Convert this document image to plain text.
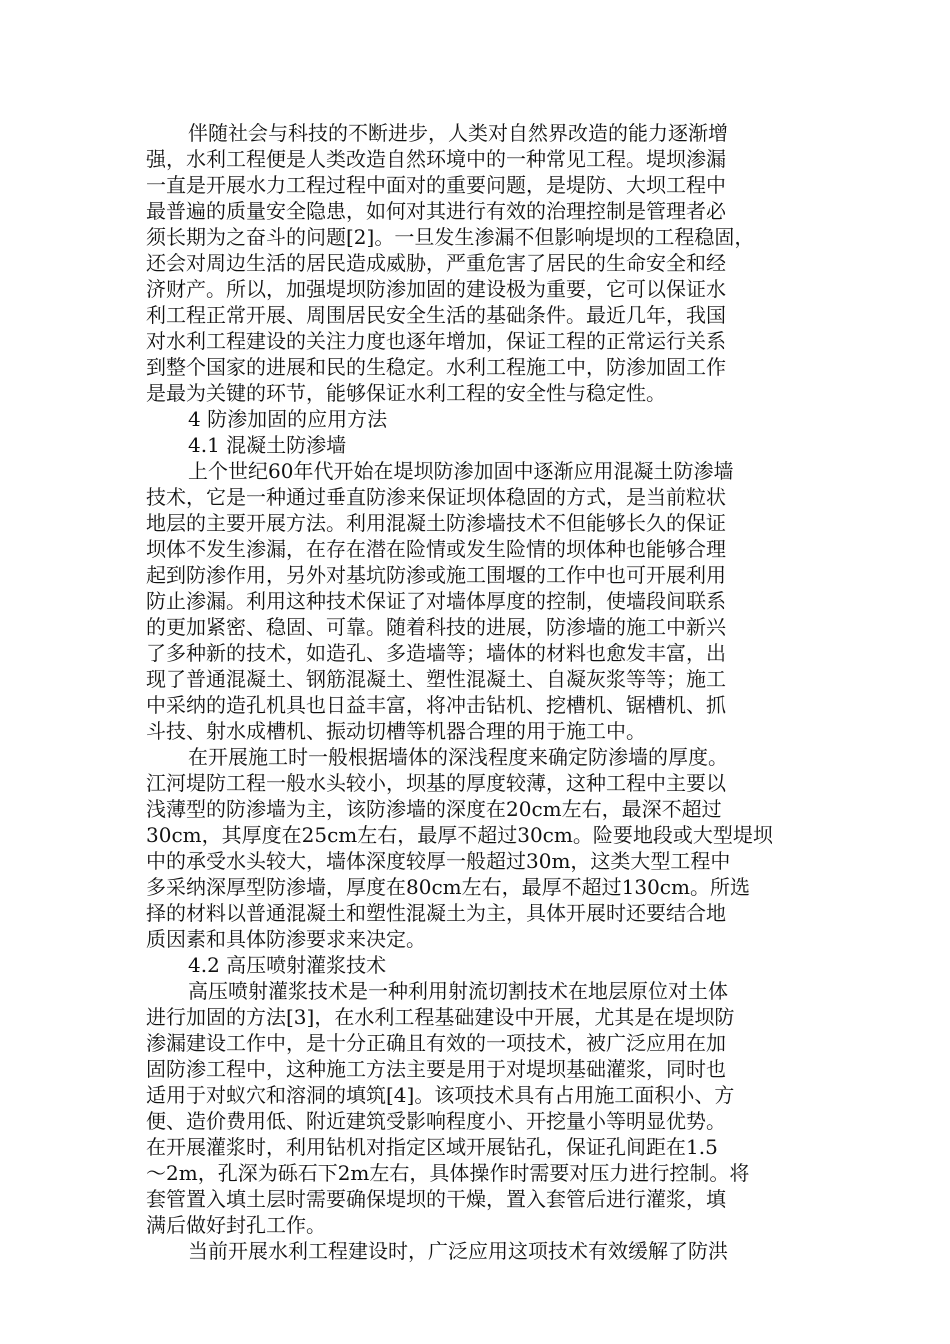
伴随社会与科技的不断进步，人类对自然界改造的能力逐渐增
强，水利工程便是人类改造自然环境中的一种常见工程。堤坝渗漏
一直是开展水力工程过程中面对的重要问题，是堤防、大坝工程中
最普遍的质量安全隐患，如何对其进行有效的治理控制是管理者必
须长期为之奋斗的问题[2]。一旦发生渗漏不但影响堤坝的工程稳固，
还会对周边生活的居民造成威胁，严重危害了居民的生命安全和经
济财产。所以，加强堤坝防渗加固的建设极为重要，它可以保证水
利工程正常开展、周围居民安全生活的基础条件。最近几年，我国
对水利工程建设的关注力度也逐年增加，保证工程的正常运行关系
到整个国家的进展和民的生稳定。水利工程施工中，防渗加固工作
是最为关键的环节，能够保证水利工程的安全性与稳定性。
4 防渗加固的应用方法
4.1 混凝土防渗墙
上个世纪60年代开始在堤坝防渗加固中逐渐应用混凝土防渗墙
技术，它是一种通过垂直防渗来保证坝体稳固的方式，是当前粒状
地层的主要开展方法。利用混凝土防渗墙技术不但能够长久的保证
坝体不发生渗漏，在存在潜在险情或发生险情的坝体种也能够合理
起到防渗作用，另外对基坑防渗或施工围堰的工作中也可开展利用
防止渗漏。利用这种技术保证了对墙体厚度的控制，使墙段间联系
的更加紧密、稳固、可靠。随着科技的进展，防渗墙的施工中新兴
了多种新的技术，如造孔、多造墙等；墙体的材料也愈发丰富，出
现了普通混凝土、钢筋混凝土、塑性混凝土、自凝灰浆等等；施工
中采纳的造孔机具也日益丰富，将冲击钻机、挖槽机、锯槽机、抓
斗技、射水成槽机、振动切槽等机器合理的用于施工中。
在开展施工时一般根据墙体的深浅程度来确定防渗墙的厚度。
江河堤防工程一般水头较小，坝基的厚度较薄，这种工程中主要以
浅薄型的防渗墙为主，该防渗墙的深度在20cm左右，最深不超过
30cm，其厚度在25cm左右，最厚不超过30cm。险要地段或大型堤坝
中的承受水头较大，墙体深度较厚一般超过30m，这类大型工程中
多采纳深厚型防渗墙，厚度在80cm左右，最厚不超过130cm。所选
择的材料以普通混凝土和塑性混凝土为主，具体开展时还要结合地
质因素和具体防渗要求来决定。
4.2 高压喷射灌浆技术
高压喷射灌浆技术是一种利用射流切割技术在地层原位对土体
进行加固的方法[3]，在水利工程基础建设中开展，尤其是在堤坝防
渗漏建设工作中，是十分正确且有效的一项技术，被广泛应用在加
固防渗工程中，这种施工方法主要是用于对堤坝基础灌浆，同时也
适用于对蚁穴和溶洞的填筑[4]。该项技术具有占用施工面积小、方
便、造价费用低、附近建筑受影响程度小、开挖量小等明显优势。
在开展灌浆时，利用钻机对指定区域开展钻孔，保证孔间距在1.5
～2m，孔深为砾石下2m左右，具体操作时需要对压力进行控制。将
套管置入填土层时需要确保堤坝的干燥，置入套管后进行灌浆，填
满后做好封孔工作。
当前开展水利工程建设时，广泛应用这项技术有效缓解了防洪
